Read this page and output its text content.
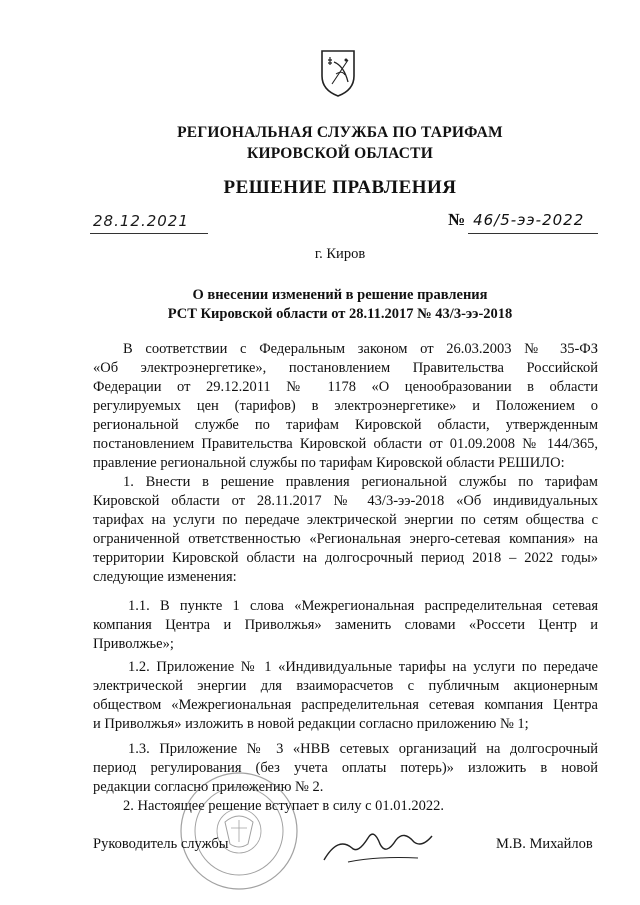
РЕГИОНАЛЬНАЯ СЛУЖБА ПО ТАРИФАМ
КИРОВСКОЙ ОБЛАСТИ
РЕШЕНИЕ ПРАВЛЕНИЯ
28.12.2021	№ 46/5-ээ-2022
г. Киров
О внесении изменений в решение правления
РСТ Кировской области от 28.11.2017 № 43/3-ээ-2018
В соответствии с Федеральным законом от 26.03.2003 № 35-ФЗ
«Об электроэнергетике», постановлением Правительства Российской
Федерации от 29.12.2011 № 1178 «О ценообразовании в области
регулируемых цен (тарифов) в электроэнергетике» и Положением о
региональной службе по тарифам Кировской области, утвержденным
постановлением Правительства Кировской области от 01.09.2008 № 144/365,
правление региональной службы по тарифам Кировской области РЕШИЛО:
1. Внести в решение правления региональной службы по тарифам
Кировской области от 28.11.2017 № 43/3-ээ-2018 «Об индивидуальных
тарифах на услуги по передаче электрической энергии по сетям общества с
ограниченной ответственностью «Региональная энерго-сетевая компания» на
территории Кировской области на долгосрочный период 2018 – 2022 годы»
следующие изменения:
1.1. В пункте 1 слова «Межрегиональная распределительная сетевая
компания Центра и Приволжья» заменить словами «Россети Центр и
Приволжье»;
1.2. Приложение № 1 «Индивидуальные тарифы на услуги по передаче
электрической энергии для взаиморасчетов с публичным акционерным
обществом «Межрегиональная распределительная сетевая компания Центра
и Приволжья» изложить в новой редакции согласно приложению № 1;
1.3. Приложение № 3 «НВВ сетевых организаций на долгосрочный
период регулирования (без учета оплаты потерь)» изложить в новой
редакции согласно приложению № 2.
2. Настоящее решение вступает в силу с 01.01.2022.
Руководитель службы	М.В. Михайлов
